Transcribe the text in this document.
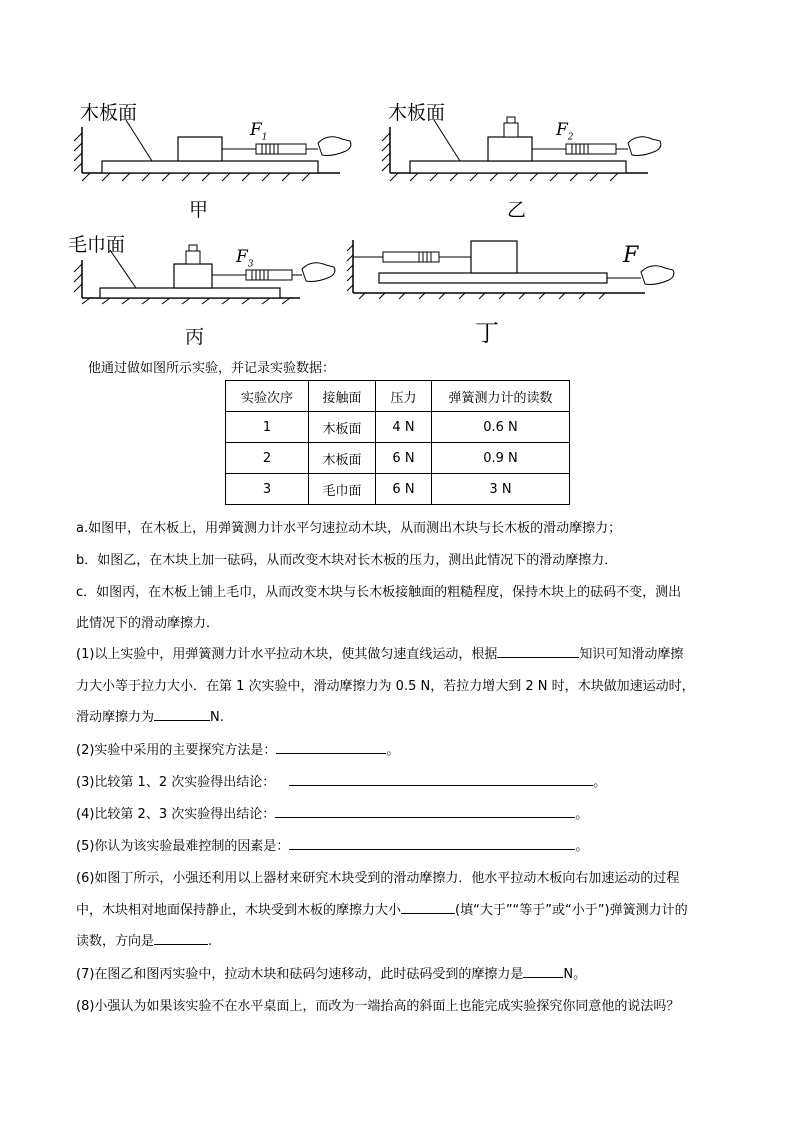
木板面
$F_1$
甲
木板面
$F_2$
乙
毛巾面
$F_3$
丙
F
丁
他通过做如图所示实验，并记录实验数据：
实验次序	接触面	压力	弹簧测力计的读数
1	木板面	4 N	0.6 N
2	木板面	6 N	0.9 N
3	毛巾面	6 N	3 N
a.如图甲，在木板上，用弹簧测力计水平匀速拉动木块，从而测出木块与长木板的滑动摩擦力；
b．如图乙，在木块上加一砝码，从而改变木块对长木板的压力，测出此情况下的滑动摩擦力．
c．如图丙，在木板上铺上毛巾，从而改变木块与长木板接触面的粗糙程度，保持木块上的砝码不变，测出
此情况下的滑动摩擦力．
(1)以上实验中，用弹簧测力计水平拉动木块，使其做匀速直线运动，根据	知识可知滑动摩擦
力大小等于拉力大小．在第 1 次实验中，滑动摩擦力为 0.5 N，若拉力增大到 2 N 时，木块做加速运动时，
滑动摩擦力为	N.
(2)实验中采用的主要探究方法是：	。
(3)比较第 1、2 次实验得出结论：	。
(4)比较第 2、3 次实验得出结论：	。
(5)你认为该实验最难控制的因素是：	。
(6)如图丁所示，小强还利用以上器材来研究木块受到的滑动摩擦力．他水平拉动木板向右加速运动的过程
中，木块相对地面保持静止，木块受到木板的摩擦力大小	(填“大于”“等于”或“小于”)弹簧测力计的
读数，方向是	.
(7)在图乙和图丙实验中，拉动木块和砝码匀速移动，此时砝码受到的摩擦力是	N。
(8)小强认为如果该实验不在水平桌面上，而改为一端抬高的斜面上也能完成实验探究你同意他的说法吗？
